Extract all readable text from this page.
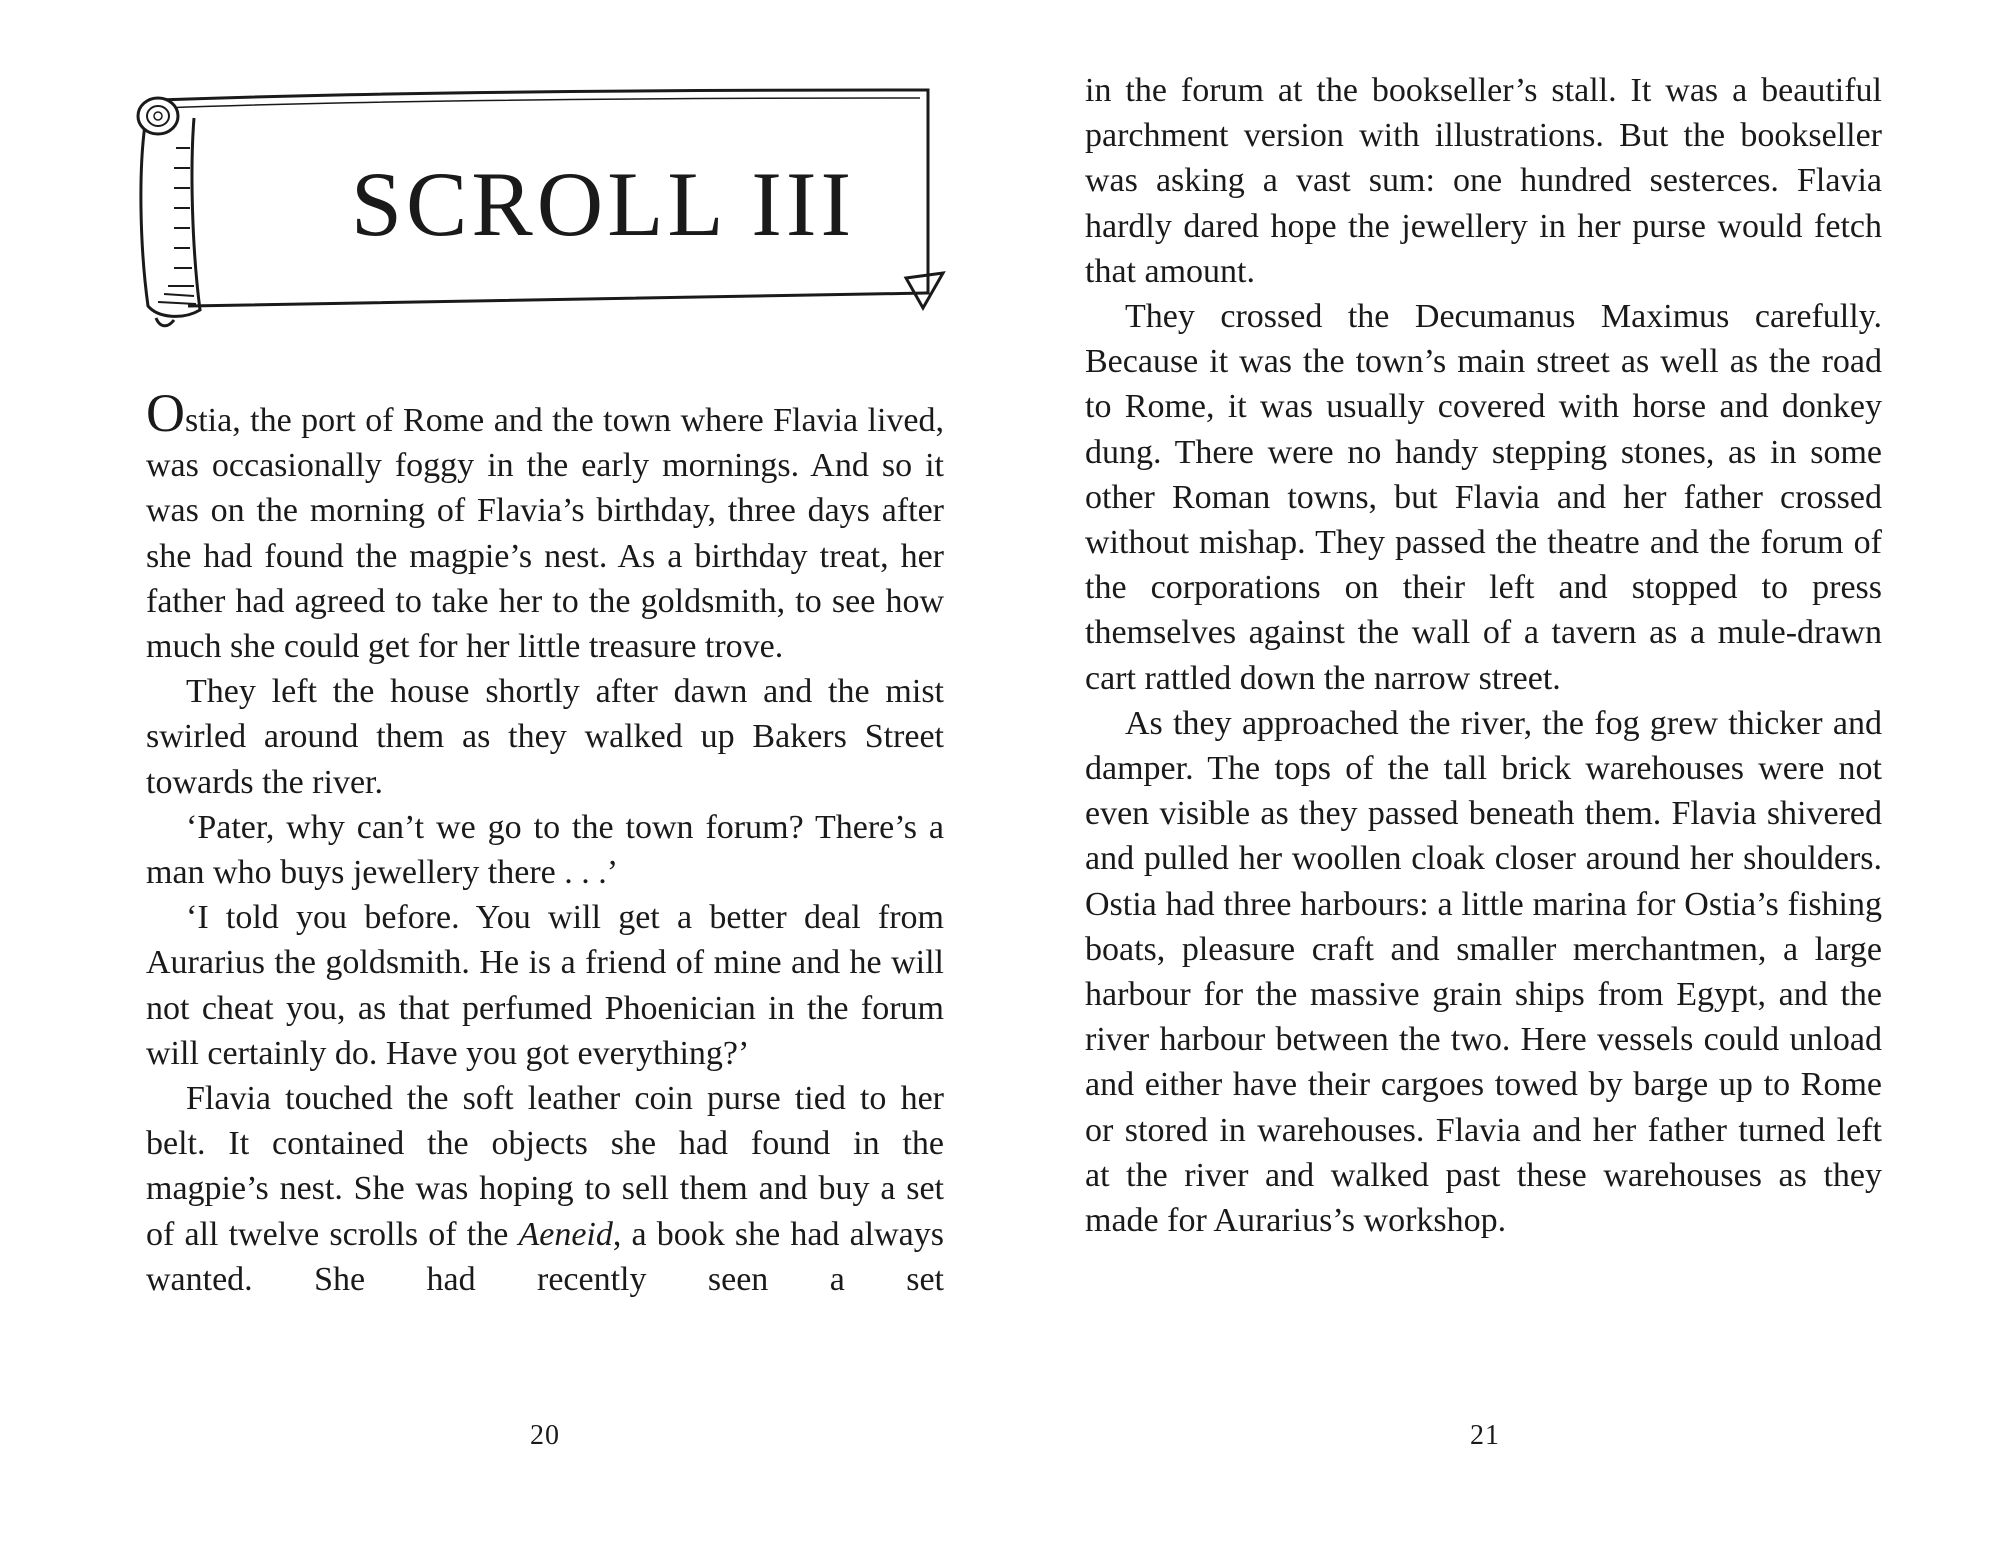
SCROLL III

Ostia, the port of Rome and the town where Flavia lived, was occasionally foggy in the early mornings. And so it was on the morning of Flavia’s birthday, three days after she had found the magpie’s nest. As a birthday treat, her father had agreed to take her to the goldsmith, to see how much she could get for her little treasure trove.

They left the house shortly after dawn and the mist swirled around them as they walked up Bakers Street towards the river.

‘Pater, why can’t we go to the town forum? There’s a man who buys jewellery there . . .’

‘I told you before. You will get a better deal from Aurarius the goldsmith. He is a friend of mine and he will not cheat you, as that perfumed Phoenician in the forum will certainly do. Have you got everything?’

Flavia touched the soft leather coin purse tied to her belt. It contained the objects she had found in the magpie’s nest. She was hoping to sell them and buy a set of all twelve scrolls of the Aeneid, a book she had always wanted. She had recently seen a set

20

in the forum at the bookseller’s stall. It was a beautiful parchment version with illustrations. But the bookseller was asking a vast sum: one hundred sesterces. Flavia hardly dared hope the jewellery in her purse would fetch that amount.

They crossed the Decumanus Maximus carefully. Because it was the town’s main street as well as the road to Rome, it was usually covered with horse and donkey dung. There were no handy stepping stones, as in some other Roman towns, but Flavia and her father crossed without mishap. They passed the theatre and the forum of the corporations on their left and stopped to press themselves against the wall of a tavern as a mule-drawn cart rattled down the narrow street.

As they approached the river, the fog grew thicker and damper. The tops of the tall brick warehouses were not even visible as they passed beneath them. Flavia shivered and pulled her woollen cloak closer around her shoulders. Ostia had three harbours: a little marina for Ostia’s fishing boats, pleasure craft and smaller merchantmen, a large harbour for the massive grain ships from Egypt, and the river harbour between the two. Here vessels could unload and either have their cargoes towed by barge up to Rome or stored in warehouses. Flavia and her father turned left at the river and walked past these warehouses as they made for Aurarius’s workshop.

21
